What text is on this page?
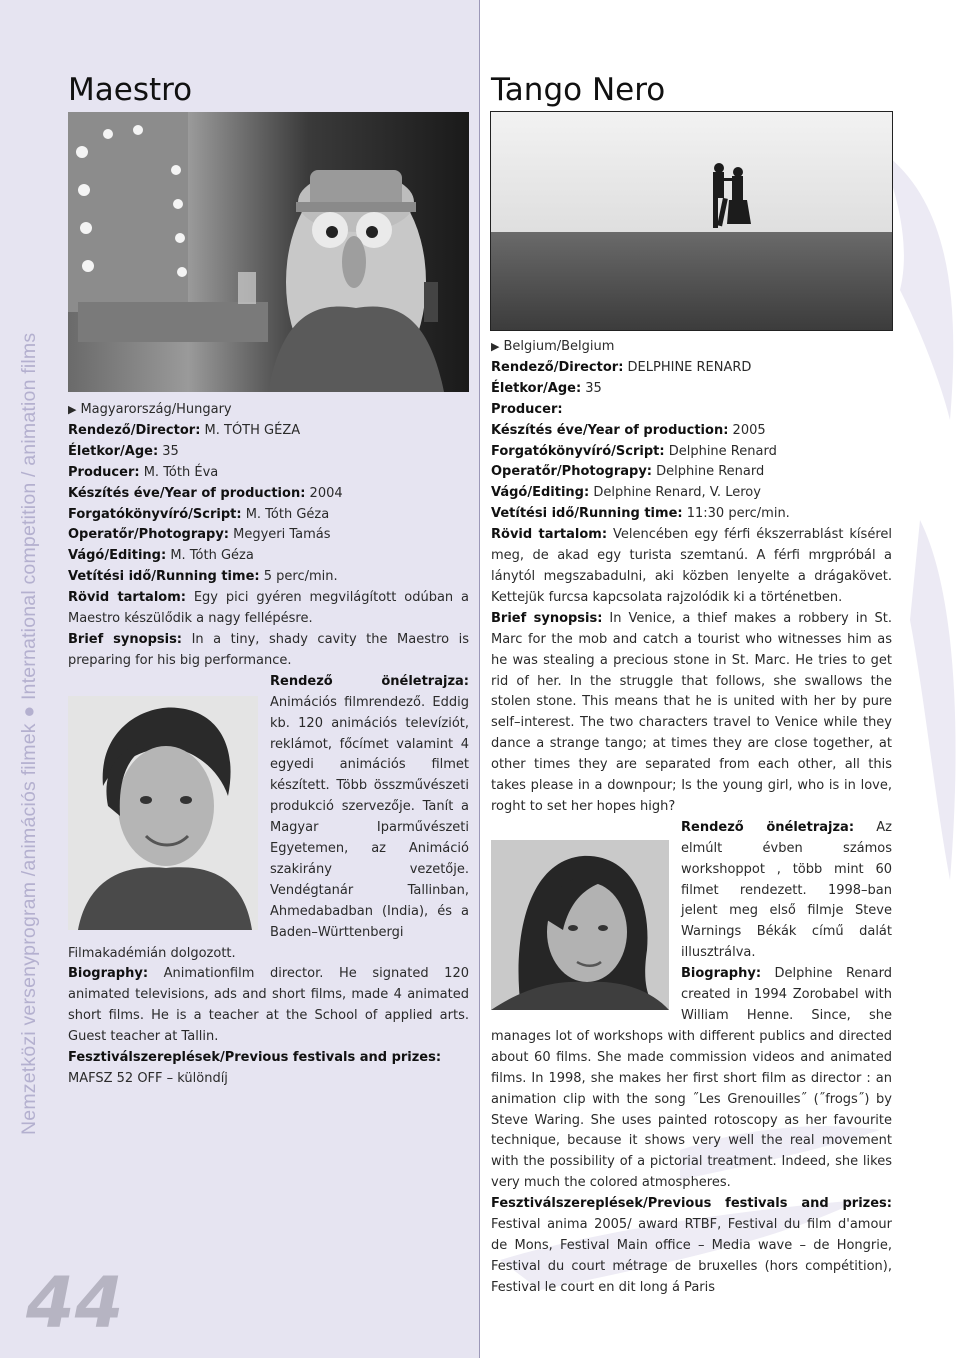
Nemzetközi versenyprogram /animációs filmek ● International competition / animation films
44
Maestro

▶ Magyarország/Hungary

Rendező/Director: M. TÓTH GÉZA

Életkor/Age: 35

Producer: M. Tóth Éva

Készítés éve/Year of production: 2004

Forgatókönyvíró/Script: M. Tóth Géza

Operatőr/Photograpy: Megyeri Tamás

Vágó/Editing: M. Tóth Géza

Vetítési idő/Running time: 5 perc/min.

Rövid tartalom: Egy pici gyéren megvilágított odúban a Maestro készülődik a nagy fellépésre.

Brief synopsis: In a tiny, shady cavity the Maestro is preparing for his big performance.

Rendező önéletrajza: Animációs filmrendező. Eddig kb. 120 animációs televíziót, reklámot, főcímet valamint 4 egyedi animációs filmet készített. Több összművészeti produkció szervezője. Tanít a Magyar Iparművészeti Egyetemen, az Animáció szakirány vezetője. Vendégtanár Tallinban, Ahmedabadban (India), és a Baden–Württenbergi Filmakadémián dolgozott.

Biography: Animationfilm director. He signated 120 animated televisions, ads and short films, made 4 animated short films. He is a teacher at the School of applied arts. Guest teacher at Tallin.

Fesztiválszereplések/Previous festivals and prizes: MAFSZ 52 OFF – különdíj

Tango Nero

▶ Belgium/Belgium

Rendező/Director: DELPHINE RENARD

Életkor/Age: 35

Producer:

Készítés éve/Year of production: 2005

Forgatókönyvíró/Script: Delphine Renard

Operatőr/Photograpy: Delphine Renard

Vágó/Editing: Delphine Renard, V. Leroy

Vetítési idő/Running time: 11:30 perc/min.

Rövid tartalom: Velencében egy férfi ékszerrablást kísérel meg, de akad egy turista szemtanú. A férfi mrgpróbál a lánytól megszabadulni, aki közben lenyelte a drágakövet. Kettejük furcsa kapcsolata rajzolódik ki a történetben.

Brief synopsis: In Venice, a thief makes a robbery in St. Marc for the mob and catch a tourist who witnesses him as he was stealing a precious stone in St. Marc. He tries to get rid of her. In the struggle that follows, she swallows the stolen stone. This means that he is united with her by pure self–interest. The two characters travel to Venice while they dance a strange tango; at times they are close together, at other times they are separated from each other, all this takes please in a downpour; Is the young girl, who is in love, roght to set her hopes high?

Rendező önéletrajza: Az elmúlt évben számos workshoppot , több mint 60 filmet rendezett. 1998–ban jelent meg első filmje Steve Warnings Békák című dalát illusztrálva.

Biography: Delphine Renard created in 1994 Zorobabel with William Henne. Since, she manages lot of workshops with different publics and directed about 60 films. She made commission videos and animated films. In 1998, she makes her first short film as director : an animation clip with the song ˝Les Grenouilles˝ (˝frogs˝) by Steve Waring. She uses painted rotoscopy as her favourite technique, because it shows very well the real movement with the possibility of a pictorial treatment. Indeed, she likes very much the colored atmospheres.

Fesztiválszereplések/Previous festivals and prizes: Festival anima 2005/ award RTBF, Festival du film d'amour de Mons, Festival Main office – Media wave – de Hongrie, Festival du court métrage de bruxelles (hors compétition), Festival le court en dit long á Paris
